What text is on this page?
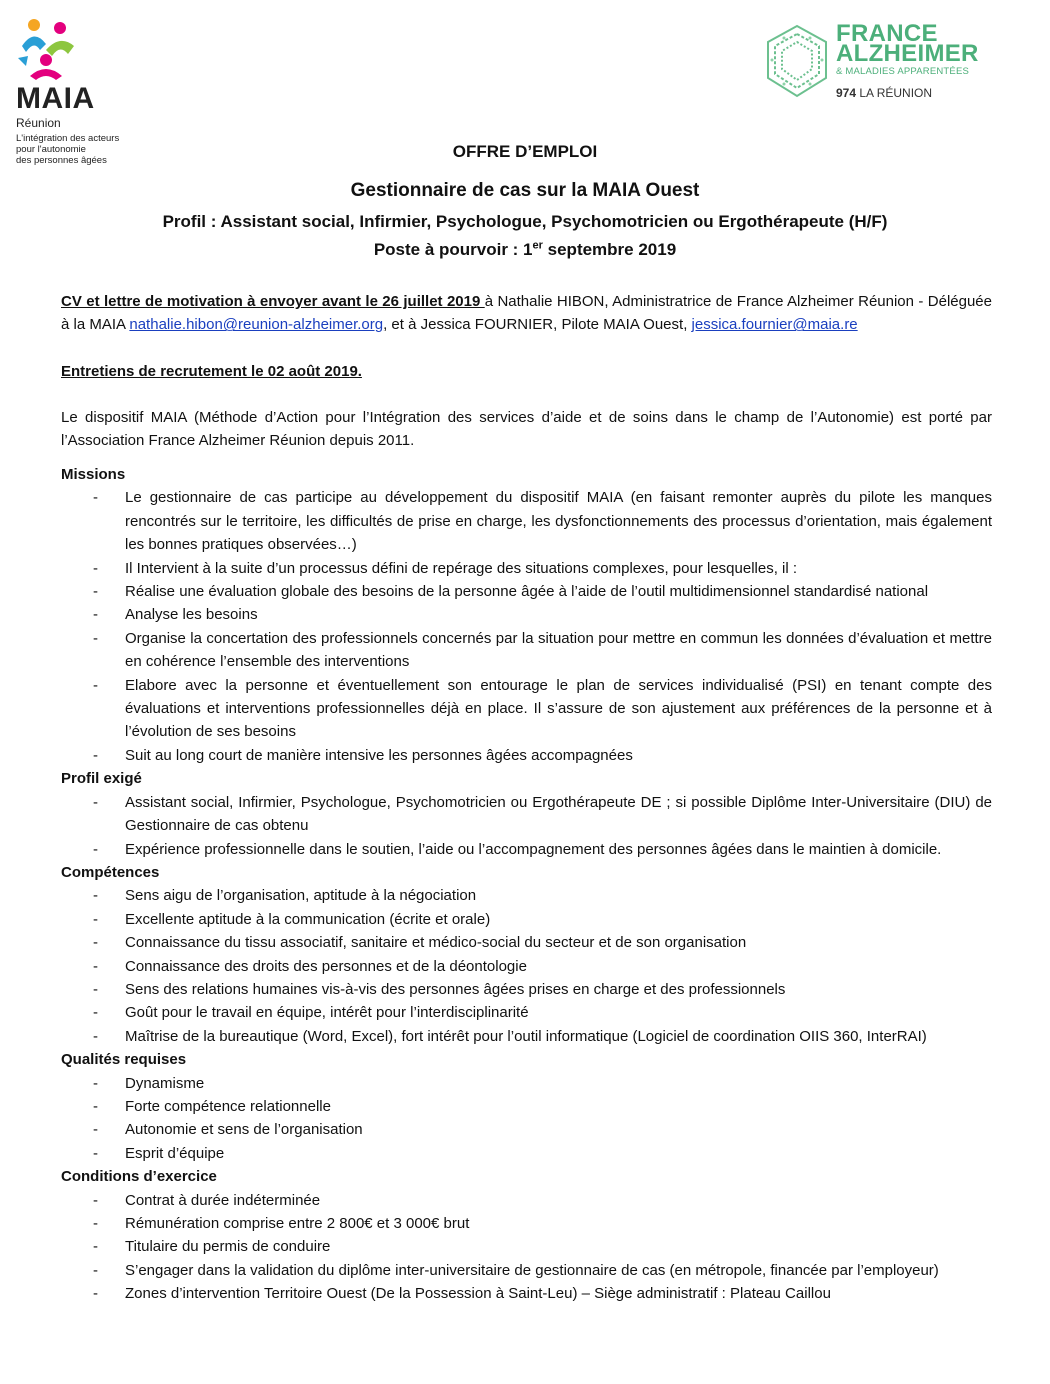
MAIA
Réunion
L'intégration des acteurs
pour l'autonomie
des personnes âgées
FRANCE
ALZHEIMER
& MALADIES APPARENTÉES
974 LA RÉUNION
OFFRE D’EMPLOI
Gestionnaire de cas sur la MAIA Ouest
Profil : Assistant social, Infirmier, Psychologue, Psychomotricien ou Ergothérapeute (H/F)
Poste à pourvoir : 1er septembre 2019
CV et lettre de motivation à envoyer avant le 26 juillet 2019 à Nathalie HIBON, Administratrice de France Alzheimer Réunion - Déléguée à la MAIA nathalie.hibon@reunion-alzheimer.org, et à Jessica FOURNIER, Pilote MAIA Ouest, jessica.fournier@maia.re
Entretiens de recrutement le 02 août 2019.
Le dispositif MAIA (Méthode d’Action pour l’Intégration des services d’aide et de soins dans le champ de l’Autonomie) est porté par l’Association France Alzheimer Réunion depuis 2011.
Missions
- Le gestionnaire de cas participe au développement du dispositif MAIA (en faisant remonter auprès du pilote les manques rencontrés sur le territoire, les difficultés de prise en charge, les dysfonctionnements des processus d’orientation, mais également les bonnes pratiques observées…)
- Il Intervient à la suite d’un processus défini de repérage des situations complexes, pour lesquelles, il :
- Réalise une évaluation globale des besoins de la personne âgée à l’aide de l’outil multidimensionnel standardisé national
- Analyse les besoins
- Organise la concertation des professionnels concernés par la situation pour mettre en commun les données d’évaluation et mettre en cohérence l’ensemble des interventions
- Elabore avec la personne et éventuellement son entourage le plan de services individualisé (PSI) en tenant compte des évaluations et interventions professionnelles déjà en place. Il s’assure de son ajustement aux préférences de la personne et à l’évolution de ses besoins
- Suit au long court de manière intensive les personnes âgées accompagnées
Profil exigé
- Assistant social, Infirmier, Psychologue, Psychomotricien ou Ergothérapeute DE ; si possible Diplôme Inter-Universitaire (DIU) de Gestionnaire de cas obtenu
- Expérience professionnelle dans le soutien, l’aide ou l’accompagnement des personnes âgées dans le maintien à domicile.
Compétences
- Sens aigu de l’organisation, aptitude à la négociation
- Excellente aptitude à la communication (écrite et orale)
- Connaissance du tissu associatif, sanitaire et médico-social du secteur et de son organisation
- Connaissance des droits des personnes et de la déontologie
- Sens des relations humaines vis-à-vis des personnes âgées prises en charge et des professionnels
- Goût pour le travail en équipe, intérêt pour l’interdisciplinarité
- Maîtrise de la bureautique (Word, Excel), fort intérêt pour l’outil informatique (Logiciel de coordination OIIS 360, InterRAI)
Qualités requises
- Dynamisme
- Forte compétence relationnelle
- Autonomie et sens de l’organisation
- Esprit d’équipe
Conditions d’exercice
- Contrat à durée indéterminée
- Rémunération comprise entre 2 800€ et 3 000€ brut
- Titulaire du permis de conduire
- S’engager dans la validation du diplôme inter-universitaire de gestionnaire de cas (en métropole, financée par l’employeur)
- Zones d’intervention Territoire Ouest (De la Possession à Saint-Leu) – Siège administratif : Plateau Caillou
